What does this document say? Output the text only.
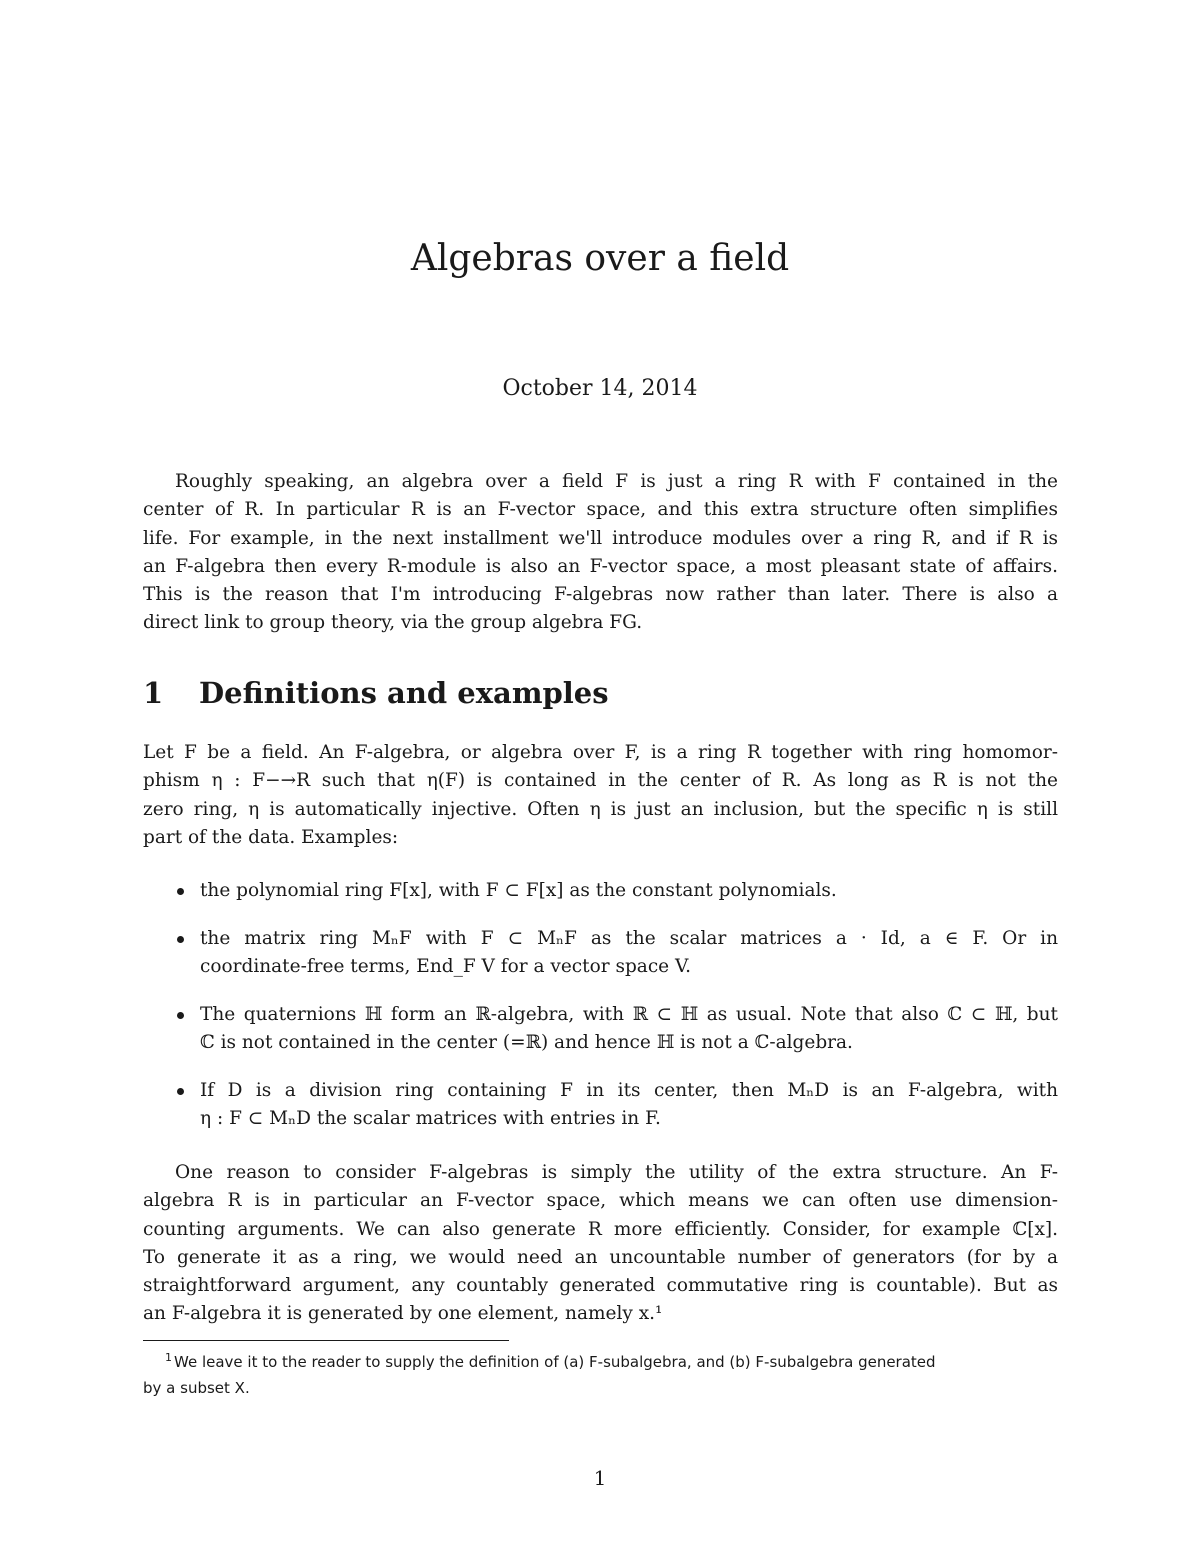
Algebras over a field
October 14, 2014
Roughly speaking, an algebra over a field F is just a ring R with F contained in the
center of R. In particular R is an F-vector space, and this extra structure often simplifies
life. For example, in the next installment we'll introduce modules over a ring R, and if R is
an F-algebra then every R-module is also an F-vector space, a most pleasant state of affairs.
This is the reason that I'm introducing F-algebras now rather than later. There is also a
direct link to group theory, via the group algebra FG.
1 Definitions and examples
Let F be a field. An F-algebra, or algebra over F, is a ring R together with ring homomor-
phism η : F−→R such that η(F) is contained in the center of R. As long as R is not the
zero ring, η is automatically injective. Often η is just an inclusion, but the specific η is still
part of the data. Examples:
the polynomial ring F[x], with F ⊂ F[x] as the constant polynomials.
the matrix ring MₙF with F ⊂ MₙF as the scalar matrices a · Id, a ∈ F. Or in
coordinate-free terms, End_F V for a vector space V.
The quaternions ℍ form an ℝ-algebra, with ℝ ⊂ ℍ as usual. Note that also ℂ ⊂ ℍ, but
ℂ is not contained in the center (=ℝ) and hence ℍ is not a ℂ-algebra.
If D is a division ring containing F in its center, then MₙD is an F-algebra, with
η : F ⊂ MₙD the scalar matrices with entries in F.
One reason to consider F-algebras is simply the utility of the extra structure. An F-
algebra R is in particular an F-vector space, which means we can often use dimension-
counting arguments. We can also generate R more efficiently. Consider, for example ℂ[x].
To generate it as a ring, we would need an uncountable number of generators (for by a
straightforward argument, any countably generated commutative ring is countable). But as
an F-algebra it is generated by one element, namely x.¹
$^1$ We leave it to the reader to supply the definition of (a) F-subalgebra, and (b) F-subalgebra generated
by a subset X.
1
